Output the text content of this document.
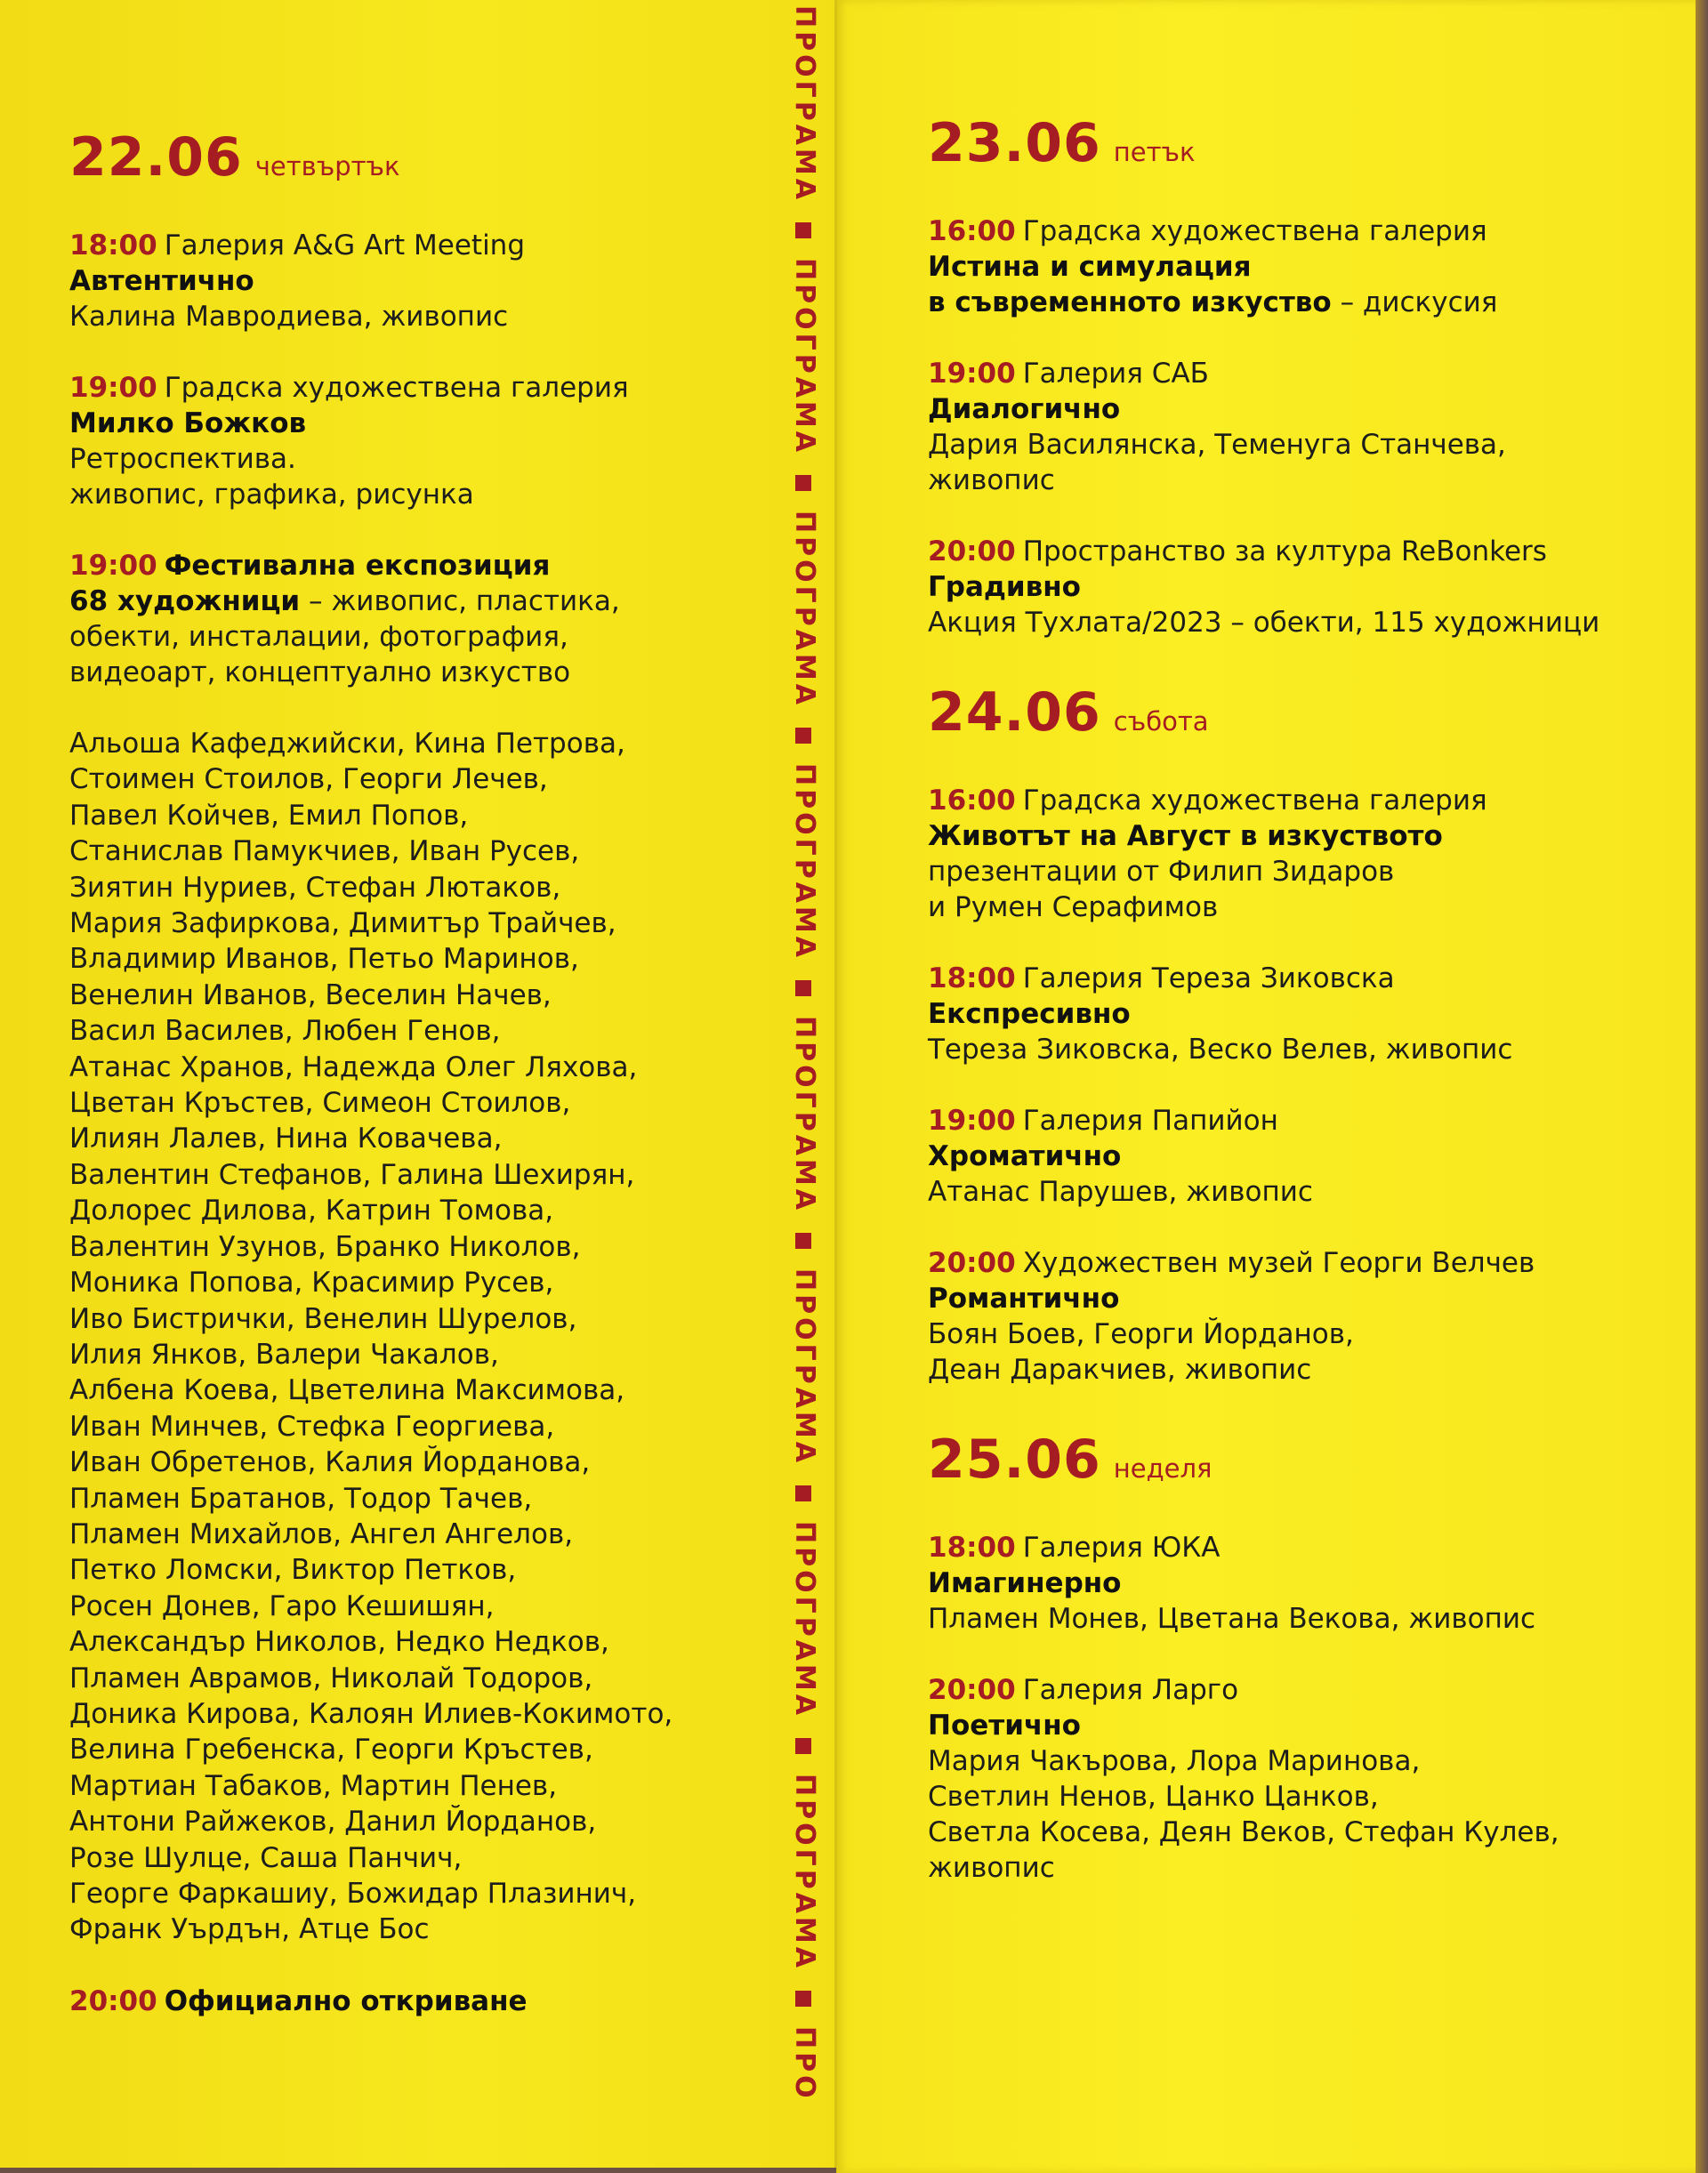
ПРОГРАМАПРОГРАМАПРОГРАМАПРОГРАМАПРОГРАМАПРОГРАМАПРОГРАМАПРОГРАМАПРО
22.06 четвъртък
18:00 Галерия A&G Art Meeting
Автентично
Калина Мавродиева, живопис
19:00 Градска художествена галерия
Милко Божков
Ретроспектива.
живопис, графика, рисунка
19:00 Фестивална експозиция
68 художници – живопис, пластика,
обекти, инсталации, фотография,
видеоарт, концептуално изкуство
Альоша Кафеджийски, Кина Петрова,
Стоимен Стоилов, Георги Лечев,
Павел Койчев, Емил Попов,
Станислав Памукчиев, Иван Русев,
Зиятин Нуриев, Стефан Лютаков,
Мария Зафиркова, Димитър Трайчев,
Владимир Иванов, Петьо Маринов,
Венелин Иванов, Веселин Начев,
Васил Василев, Любен Генов,
Атанас Хранов, Надежда Олег Ляхова,
Цветан Кръстев, Симеон Стоилов,
Илиян Лалев, Нина Ковачева,
Валентин Стефанов, Галина Шехирян,
Долорес Дилова, Катрин Томова,
Валентин Узунов, Бранко Николов,
Моника Попова, Красимир Русев,
Иво Бистрички, Венелин Шурелов,
Илия Янков, Валери Чакалов,
Албена Коева, Цветелина Максимова,
Иван Минчев, Стефка Георгиева,
Иван Обретенов, Калия Йорданова,
Пламен Братанов, Тодор Тачев,
Пламен Михайлов, Ангел Ангелов,
Петко Ломски, Виктор Петков,
Росен Донев, Гаро Кешишян,
Александър Николов, Недко Недков,
Пламен Аврамов, Николай Тодоров,
Доника Кирова, Калоян Илиев-Кокимото,
Велина Гребенска, Георги Кръстев,
Мартиан Табаков, Мартин Пенев,
Антони Райжеков, Данил Йорданов,
Розе Шулце, Саша Панчич,
Георге Фаркашиу, Божидар Плазинич,
Франк Уърдън, Атце Бос
20:00 Официално откриване
23.06 петък
16:00 Градска художествена галерия
Истина и симулация
в съвременното изкуство – дискусия
19:00 Галерия САБ
Диалогично
Дария Василянска, Теменуга Станчева,
живопис
20:00 Пространство за култура ReBonkers
Градивно
Акция Тухлата/2023 – обекти, 115 художници
24.06 събота
16:00 Градска художествена галерия
Животът на Август в изкуството
презентации от Филип Зидаров
и Румен Серафимов
18:00 Галерия Тереза Зиковска
Експресивно
Тереза Зиковска, Веско Велев, живопис
19:00 Галерия Папийон
Хроматично
Атанас Парушев, живопис
20:00 Художествен музей Георги Велчев
Романтично
Боян Боев, Георги Йорданов,
Деан Даракчиев, живопис
25.06 неделя
18:00 Галерия ЮКА
Имагинерно
Пламен Монев, Цветана Векова, живопис
20:00 Галерия Ларго
Поетично
Мария Чакърова, Лора Маринова,
Светлин Ненов, Цанко Цанков,
Светла Косева, Деян Веков, Стефан Кулев,
живопис
